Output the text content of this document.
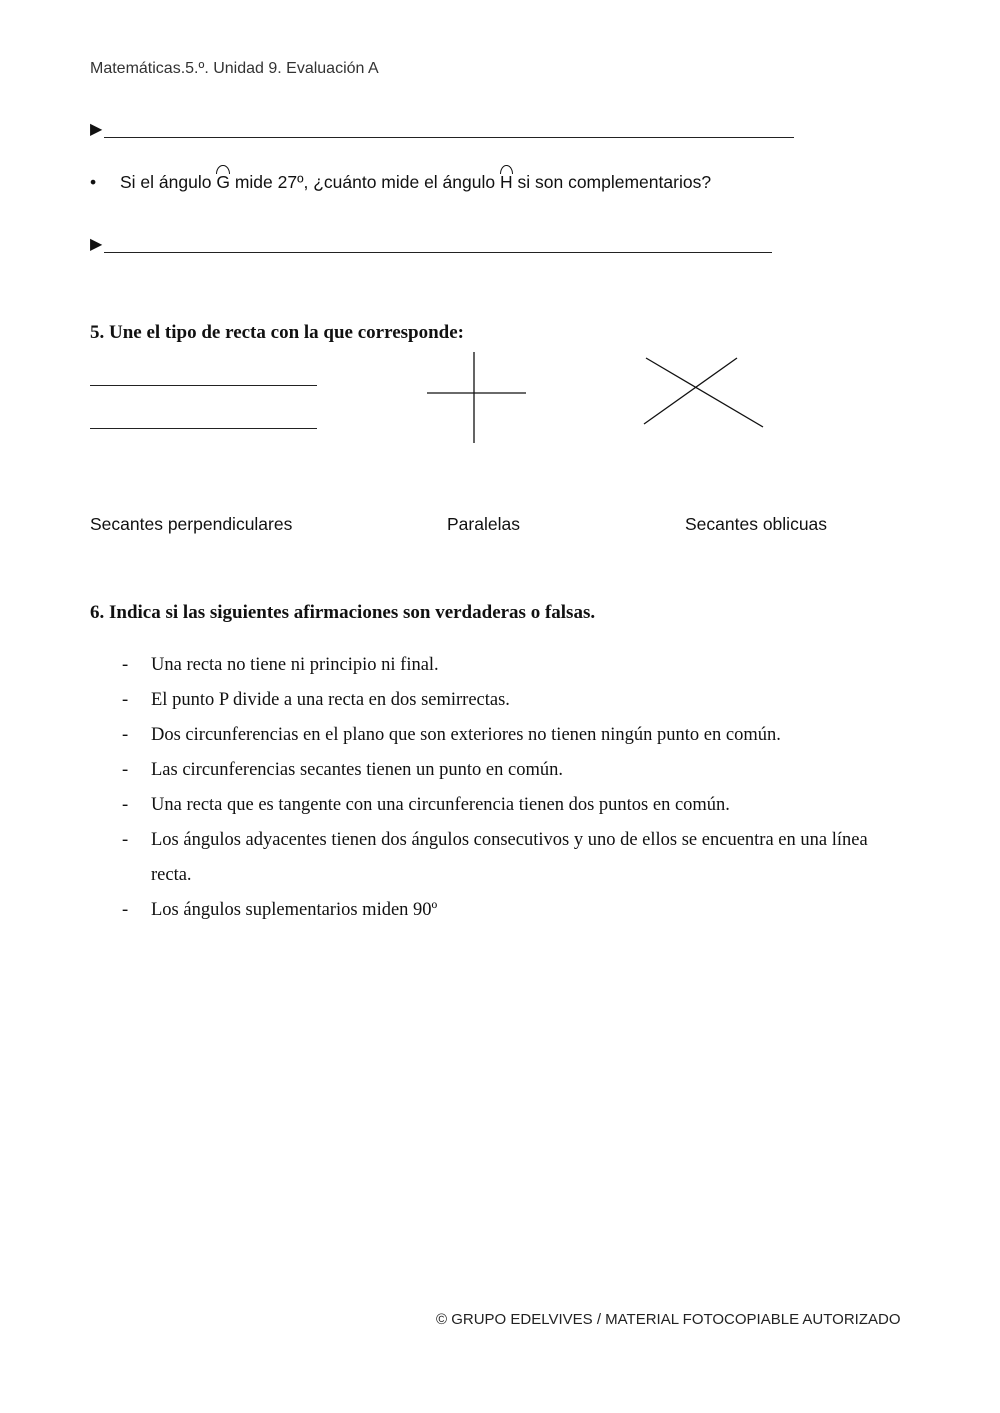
Matemáticas.5.º. Unidad 9. Evaluación A
▶
• Si el ángulo G mide 27º, ¿cuánto mide el ángulo H si son complementarios?
▶
5. Une el tipo de recta con la que corresponde:
Secantes perpendiculares	Paralelas	Secantes oblicuas
6. Indica si las siguientes afirmaciones son verdaderas o falsas.
- Una recta no tiene ni principio ni final.
- El punto P divide a una recta en dos semirrectas.
- Dos circunferencias en el plano que son exteriores no tienen ningún punto en común.
- Las circunferencias secantes tienen un punto en común.
- Una recta que es tangente con una circunferencia tienen dos puntos en común.
- Los ángulos adyacentes tienen dos ángulos consecutivos y uno de ellos se encuentra en una línea recta.
- Los ángulos suplementarios miden 90º
© GRUPO EDELVIVES / MATERIAL FOTOCOPIABLE AUTORIZADO
